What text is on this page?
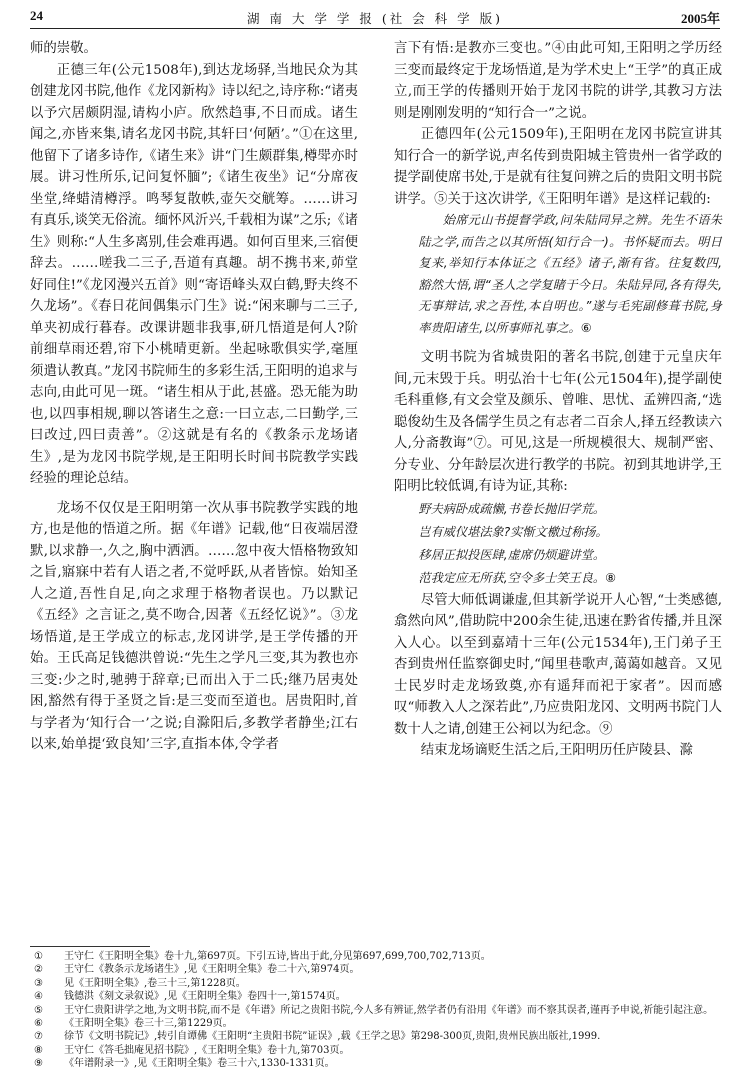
24	湖 南 大 学 学 报 (社 会 科 学 版)	2005年

师的崇敬。

正德三年(公元1508年),到达龙场驿,当地民众为其创建龙冈书院,他作《龙冈新构》诗以纪之,诗序称:“诸夷以予穴居颇阴湿,请构小庐。欣然趋事,不日而成。诸生闻之,亦皆来集,请名龙冈书院,其轩曰‘何陋’。”①在这里,他留下了诸多诗作,《诸生来》讲“门生颇群集,樽斝亦时展。讲习性所乐,记问复怀腼”;《诸生夜坐》记“分席夜坐堂,绛蜡清樽浮。鸣琴复散帙,壶矢交觥筹。……讲习有真乐,谈笑无俗流。缅怀风沂兴,千载相为谋”之乐;《诸生》则称:“人生多离别,佳会难再遇。如何百里来,三宿便辞去。……嗟我二三子,吾道有真趣。胡不携书来,茆堂好同住!”《龙冈漫兴五首》则“寄语峰头双白鹤,野夫终不久龙场”。《春日花间偶集示门生》说:“闲来聊与二三子,单夹初成行暮春。改课讲题非我事,研几悟道是何人?阶前细草雨还碧,帘下小桃晴更新。坐起咏歌俱实学,毫厘须遣认教真。”龙冈书院师生的多彩生活,王阳明的追求与志向,由此可见一斑。“诸生相从于此,甚盛。恐无能为助也,以四事相规,聊以答诸生之意:一曰立志,二曰勤学,三曰改过,四曰责善”。②这就是有名的《教条示龙场诸生》,是为龙冈书院学规,是王阳明长时间书院教学实践经验的理论总结。

龙场不仅仅是王阳明第一次从事书院教学实践的地方,也是他的悟道之所。据《年谱》记载,他“日夜端居澄默,以求静一,久之,胸中洒洒。……忽中夜大悟格物致知之旨,寤寐中若有人语之者,不觉呼跃,从者皆惊。始知圣人之道,吾性自足,向之求理于格物者误也。乃以默记《五经》之言证之,莫不吻合,因著《五经忆说》”。③龙场悟道,是王学成立的标志,龙冈讲学,是王学传播的开始。王氏高足钱德洪曾说:“先生之学凡三变,其为教也亦三变:少之时,驰骋于辞章;已而出入于二氏;继乃居夷处困,豁然有得于圣贤之旨:是三变而至道也。居贵阳时,首与学者为‘知行合一’之说;自滁阳后,多教学者静坐;江右以来,始单提‘致良知’三字,直指本体,令学者

言下有悟:是教亦三变也。”④由此可知,王阳明之学历经三变而最终定于龙场悟道,是为学术史上“王学”的真正成立,而王学的传播则开始于龙冈书院的讲学,其教习方法则是刚刚发明的“知行合一”之说。

正德四年(公元1509年),王阳明在龙冈书院宣讲其知行合一的新学说,声名传到贵阳城主管贵州一省学政的提学副使席书处,于是就有往复问辨之后的贵阳文明书院讲学。⑤关于这次讲学,《王阳明年谱》是这样记载的:

始席元山书提督学政,问朱陆同异之辨。先生不语朱陆之学,而告之以其所悟(知行合一)。书怀疑而去。明日复来,举知行本体证之《五经》诸子,渐有省。往复数四,豁然大悟,谓“圣人之学复睹于今日。朱陆异同,各有得失,无事辩诘,求之吾性,本自明也。”遂与毛宪副修葺书院,身率贵阳诸生,以所事师礼事之。⑥

文明书院为省城贵阳的著名书院,创建于元皇庆年间,元末毁于兵。明弘治十七年(公元1504年),提学副使毛科重修,有文会堂及颜乐、曾唯、思忧、孟辨四斋,“选聪俊幼生及各儒学生员之有志者二百余人,择五经教读六人,分斋教诲”⑦。可见,这是一所规模很大、规制严密、分专业、分年龄层次进行教学的书院。初到其地讲学,王阳明比较低调,有诗为证,其称:

野夫病卧成疏懒,书卷长抛旧学荒。
岂有威仪堪法象?实惭文檄过称扬。
移居正拟投医肆,虚席仍烦避讲堂。
范我定应无所获,空令多士笑王良。⑧

尽管大师低调谦虚,但其新学说开人心智,“士类感德,翕然向风”,借助院中200余生徒,迅速在黔省传播,并且深入人心。以至到嘉靖十三年(公元1534年),王门弟子王杏到贵州任监察御史时,“闻里巷歌声,蔼蔼如越音。又见士民岁时走龙场致奠,亦有遥拜而祀于家者”。因而感叹“师教入人之深若此”,乃应贵阳龙冈、文明两书院门人数十人之请,创建王公祠以为纪念。⑨

结束龙场谪贬生活之后,王阳明历任庐陵县、滁

① 王守仁《王阳明全集》卷十九,第697页。下引五诗,皆出于此,分见第697,699,700,702,713页。
② 王守仁《教条示龙场诸生》,见《王阳明全集》卷二十六,第974页。
③ 见《王阳明全集》,卷三十三,第1228页。
④ 钱德洪《刻文录叙说》,见《王阳明全集》卷四十一,第1574页。
⑤ 王守仁贵阳讲学之地,为文明书院,而不是《年谱》所记之贵阳书院,今人多有辨证,然学者仍有沿用《年谱》而不察其误者,谨再予申说,祈能引起注意。
⑥ 《王阳明全集》卷三十三,第1229页。
⑦ 徐节《文明书院记》,转引自谭佛《王阳明“主贵阳书院”证误》,载《王学之思》第298-300页,贵阳,贵州民族出版社,1999.
⑧ 王守仁《答毛拙庵见招书院》,《王阳明全集》卷十九,第703页。
⑨ 《年谱附录一》,见《王阳明全集》卷三十六,1330-1331页。
